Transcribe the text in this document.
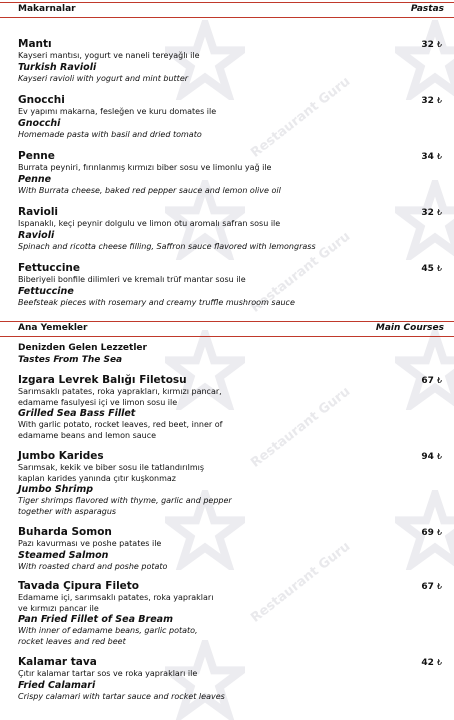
Restaurant Guru
Restaurant Guru
Restaurant Guru
Restaurant Guru
Makarnalar	Pastas
Mantı
Kayseri mantısı, yogurt ve naneli tereyağlı ile
Turkish Ravioli
Kayseri ravioli with yogurt and mint butter
32 ₺
Gnocchi
Ev yapımı makarna, fesleğen ve kuru domates ile
Gnocchi
Homemade pasta with basil and dried tomato
32 ₺
Penne
Burrata peyniri, fırınlanmış kırmızı biber sosu ve limonlu yağ ile
Penne
With Burrata cheese, baked red pepper sauce and lemon olive oil
34 ₺
Ravioli
Ispanaklı, keçi peynir dolgulu ve limon otu aromalı safran sosu ile
Ravioli
Spinach and ricotta cheese filling, Saffron sauce flavored with lemongrass
32 ₺
Fettuccine
Biberiyeli bonfile dilimleri ve kremalı trüf mantar sosu ile
Fettuccine
Beefsteak pieces with rosemary and creamy truffle mushroom sauce
45 ₺
Ana Yemekler	Main Courses
Denizden Gelen Lezzetler
Tastes From The Sea
Izgara Levrek Balığı Filetosu
Sarımsaklı patates, roka yaprakları, kırmızı pancar,
edamame fasulyesi içi ve limon sosu ile
Grilled Sea Bass Fillet
With garlic potato, rocket leaves, red beet, inner of
edamame beans and lemon sauce
67 ₺
Jumbo Karides
Sarımsak, kekik ve biber sosu ile tatlandırılmış
kaplan karides yanında çıtır kuşkonmaz
Jumbo Shrimp
Tiger shrimps flavored with thyme, garlic and pepper
together with asparagus
94 ₺
Buharda Somon
Pazı kavurması ve poshe patates ile
Steamed Salmon
With roasted chard and poshe potato
69 ₺
Tavada Çipura Fileto
Edamame içi, sarımsaklı patates, roka yaprakları
ve kırmızı pancar ile
Pan Fried Fillet of Sea Bream
With inner of edamame beans, garlic potato,
rocket leaves and red beet
67 ₺
Kalamar tava
Çıtır kalamar tartar sos ve roka yaprakları ile
Fried Calamari
Crispy calamari with tartar sauce and rocket leaves
42 ₺
